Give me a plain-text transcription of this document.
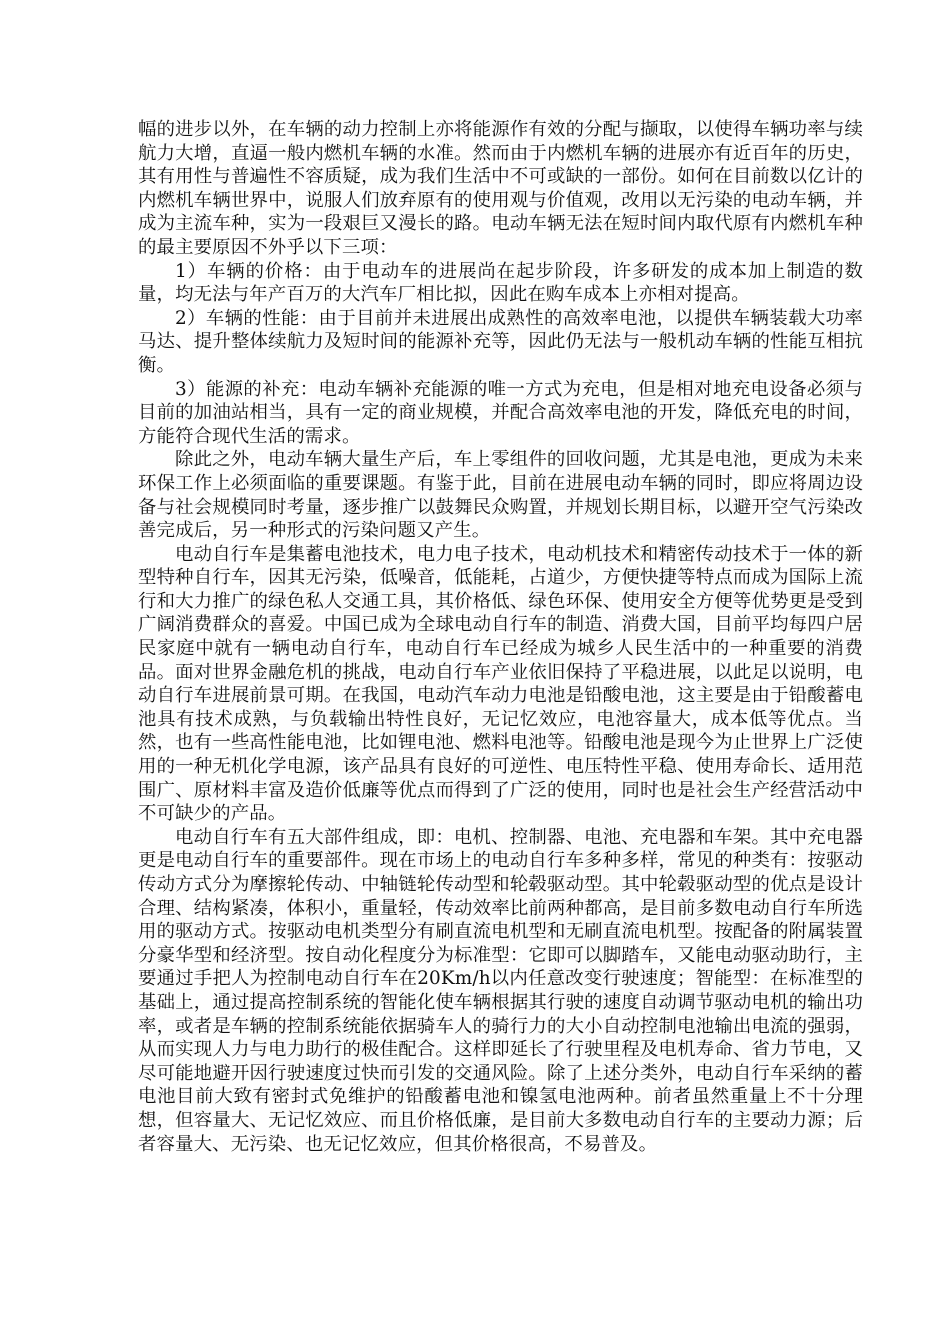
幅的进步以外，在车辆的动力控制上亦将能源作有效的分配与撷取，以使得车辆功率与续航力大增，直逼一般内燃机车辆的水准。然而由于内燃机车辆的进展亦有近百年的历史，其有用性与普遍性不容质疑，成为我们生活中不可或缺的一部份。如何在目前数以亿计的内燃机车辆世界中，说服人们放弃原有的使用观与价值观，改用以无污染的电动车辆，并成为主流车种，实为一段艰巨又漫长的路。电动车辆无法在短时间内取代原有内燃机车种的最主要原因不外乎以下三项：

1）车辆的价格：由于电动车的进展尚在起步阶段，许多研发的成本加上制造的数量，均无法与年产百万的大汽车厂相比拟，因此在购车成本上亦相对提高。

2）车辆的性能：由于目前并未进展出成熟性的高效率电池，以提供车辆装载大功率马达、提升整体续航力及短时间的能源补充等，因此仍无法与一般机动车辆的性能互相抗衡。

3）能源的补充：电动车辆补充能源的唯一方式为充电，但是相对地充电设备必须与目前的加油站相当，具有一定的商业规模，并配合高效率电池的开发，降低充电的时间，方能符合现代生活的需求。

除此之外，电动车辆大量生产后，车上零组件的回收问题，尤其是电池，更成为未来环保工作上必须面临的重要课题。有鉴于此，目前在进展电动车辆的同时，即应将周边设备与社会规模同时考量，逐步推广以鼓舞民众购置，并规划长期目标，以避开空气污染改善完成后，另一种形式的污染问题又产生。

电动自行车是集蓄电池技术，电力电子技术，电动机技术和精密传动技术于一体的新型特种自行车，因其无污染，低噪音，低能耗，占道少，方便快捷等特点而成为国际上流行和大力推广的绿色私人交通工具，其价格低、绿色环保、使用安全方便等优势更是受到广阔消费群众的喜爱。中国已成为全球电动自行车的制造、消费大国，目前平均每四户居民家庭中就有一辆电动自行车，电动自行车已经成为城乡人民生活中的一种重要的消费品。面对世界金融危机的挑战，电动自行车产业依旧保持了平稳进展，以此足以说明，电动自行车进展前景可期。在我国，电动汽车动力电池是铅酸电池，这主要是由于铅酸蓄电池具有技术成熟，与负载输出特性良好，无记忆效应，电池容量大，成本低等优点。当然，也有一些高性能电池，比如锂电池、燃料电池等。铅酸电池是现今为止世界上广泛使用的一种无机化学电源，该产品具有良好的可逆性、电压特性平稳、使用寿命长、适用范围广、原材料丰富及造价低廉等优点而得到了广泛的使用，同时也是社会生产经营活动中不可缺少的产品。

电动自行车有五大部件组成，即：电机、控制器、电池、充电器和车架。其中充电器更是电动自行车的重要部件。现在市场上的电动自行车多种多样，常见的种类有：按驱动传动方式分为摩擦轮传动、中轴链轮传动型和轮毂驱动型。其中轮毂驱动型的优点是设计合理、结构紧凑，体积小，重量轻，传动效率比前两种都高，是目前多数电动自行车所选用的驱动方式。按驱动电机类型分有刷直流电机型和无刷直流电机型。按配备的附属装置分豪华型和经济型。按自动化程度分为标准型：它即可以脚踏车，又能电动驱动助行，主要通过手把人为控制电动自行车在20Km/h以内任意改变行驶速度；智能型：在标准型的基础上，通过提高控制系统的智能化使车辆根据其行驶的速度自动调节驱动电机的输出功率，或者是车辆的控制系统能依据骑车人的骑行力的大小自动控制电池输出电流的强弱，从而实现人力与电力助行的极佳配合。这样即延长了行驶里程及电机寿命、省力节电，又尽可能地避开因行驶速度过快而引发的交通风险。除了上述分类外，电动自行车采纳的蓄电池目前大致有密封式免维护的铅酸蓄电池和镍氢电池两种。前者虽然重量上不十分理想，但容量大、无记忆效应、而且价格低廉，是目前大多数电动自行车的主要动力源；后者容量大、无污染、也无记忆效应，但其价格很高，不易普及。
